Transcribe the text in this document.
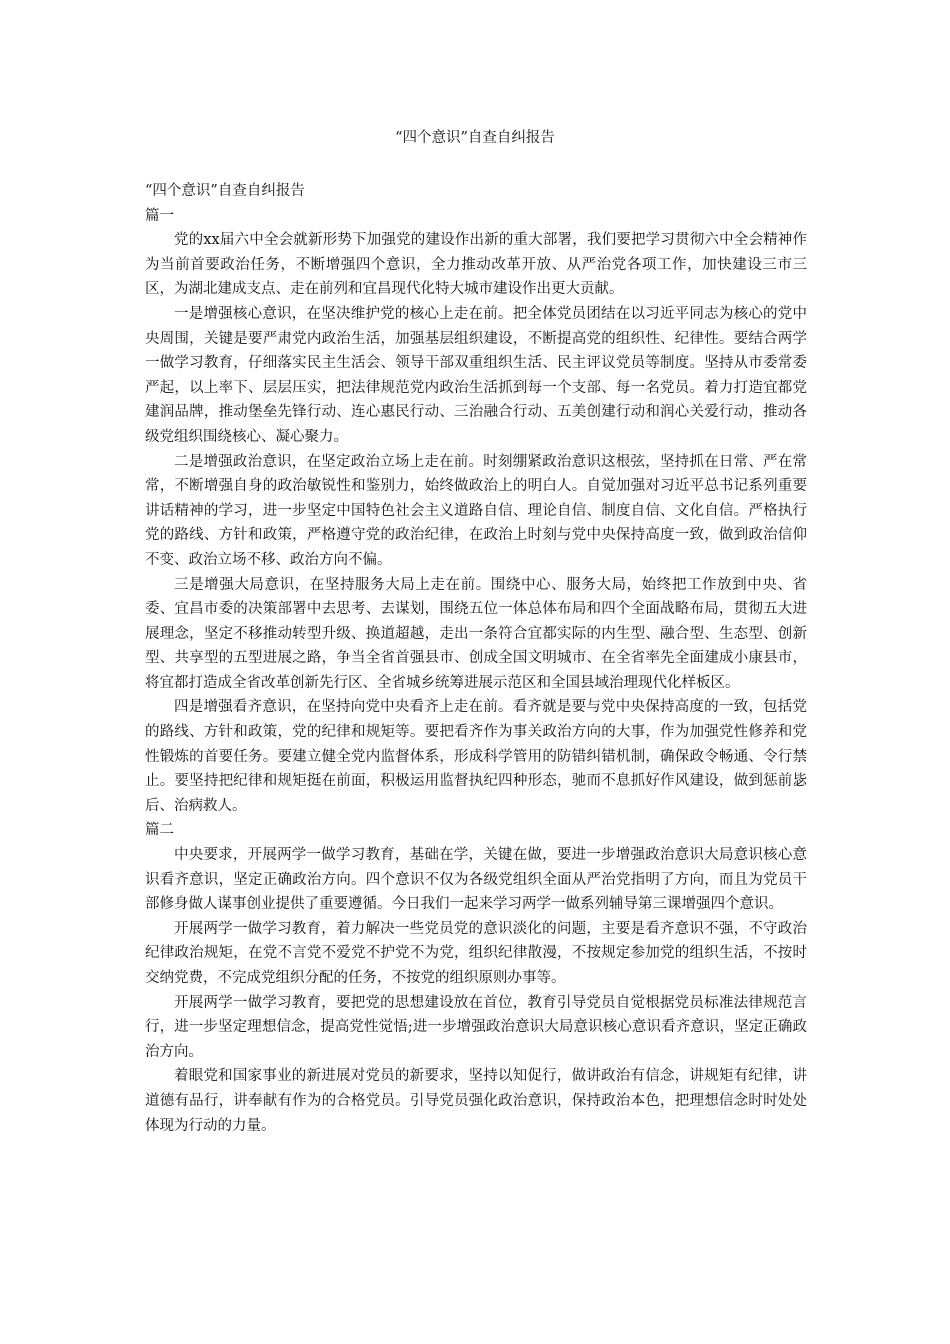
“四个意识”自查自纠报告

“四个意识”自查自纠报告

篇一

党的xx届六中全会就新形势下加强党的建设作出新的重大部署，我们要把学习贯彻六中全会精神作为当前首要政治任务，不断增强四个意识，全力推动改革开放、从严治党各项工作，加快建设三市三区，为湖北建成支点、走在前列和宜昌现代化特大城市建设作出更大贡献。

一是增强核心意识，在坚决维护党的核心上走在前。把全体党员团结在以习近平同志为核心的党中央周围，关键是要严肃党内政治生活，加强基层组织建设，不断提高党的组织性、纪律性。要结合两学一做学习教育，仔细落实民主生活会、领导干部双重组织生活、民主评议党员等制度。坚持从市委常委严起，以上率下、层层压实，把法律规范党内政治生活抓到每一个支部、每一名党员。着力打造宜都党建润品牌，推动堡垒先锋行动、连心惠民行动、三治融合行动、五美创建行动和润心关爱行动，推动各级党组织围绕核心、凝心聚力。

二是增强政治意识，在坚定政治立场上走在前。时刻绷紧政治意识这根弦，坚持抓在日常、严在常常，不断增强自身的政治敏锐性和鉴别力，始终做政治上的明白人。自觉加强对习近平总书记系列重要讲话精神的学习，进一步坚定中国特色社会主义道路自信、理论自信、制度自信、文化自信。严格执行党的路线、方针和政策，严格遵守党的政治纪律，在政治上时刻与党中央保持高度一致，做到政治信仰不变、政治立场不移、政治方向不偏。

三是增强大局意识，在坚持服务大局上走在前。围绕中心、服务大局，始终把工作放到中央、省委、宜昌市委的决策部署中去思考、去谋划，围绕五位一体总体布局和四个全面战略布局，贯彻五大进展理念，坚定不移推动转型升级、换道超越，走出一条符合宜都实际的内生型、融合型、生态型、创新型、共享型的五型进展之路，争当全省首强县市、创成全国文明城市、在全省率先全面建成小康县市，将宜都打造成全省改革创新先行区、全省城乡统筹进展示范区和全国县域治理现代化样板区。

四是增强看齐意识，在坚持向党中央看齐上走在前。看齐就是要与党中央保持高度的一致，包括党的路线、方针和政策，党的纪律和规矩等。要把看齐作为事关政治方向的大事，作为加强党性修养和党性锻炼的首要任务。要建立健全党内监督体系，形成科学管用的防错纠错机制，确保政令畅通、令行禁止。要坚持把纪律和规矩挺在前面，积极运用监督执纪四种形态，驰而不息抓好作风建设，做到惩前毖后、治病救人。

篇二

中央要求，开展两学一做学习教育，基础在学，关键在做，要进一步增强政治意识大局意识核心意识看齐意识，坚定正确政治方向。四个意识不仅为各级党组织全面从严治党指明了方向，而且为党员干部修身做人谋事创业提供了重要遵循。今日我们一起来学习两学一做系列辅导第三课增强四个意识。

开展两学一做学习教育，着力解决一些党员党的意识淡化的问题，主要是看齐意识不强，不守政治纪律政治规矩，在党不言党不爱党不护党不为党，组织纪律散漫，不按规定参加党的组织生活，不按时交纳党费，不完成党组织分配的任务，不按党的组织原则办事等。

开展两学一做学习教育，要把党的思想建设放在首位，教育引导党员自觉根据党员标准法律规范言行，进一步坚定理想信念，提高党性觉悟;进一步增强政治意识大局意识核心意识看齐意识，坚定正确政治方向。

着眼党和国家事业的新进展对党员的新要求，坚持以知促行，做讲政治有信念，讲规矩有纪律，讲道德有品行，讲奉献有作为的合格党员。引导党员强化政治意识，保持政治本色，把理想信念时时处处体现为行动的力量。
